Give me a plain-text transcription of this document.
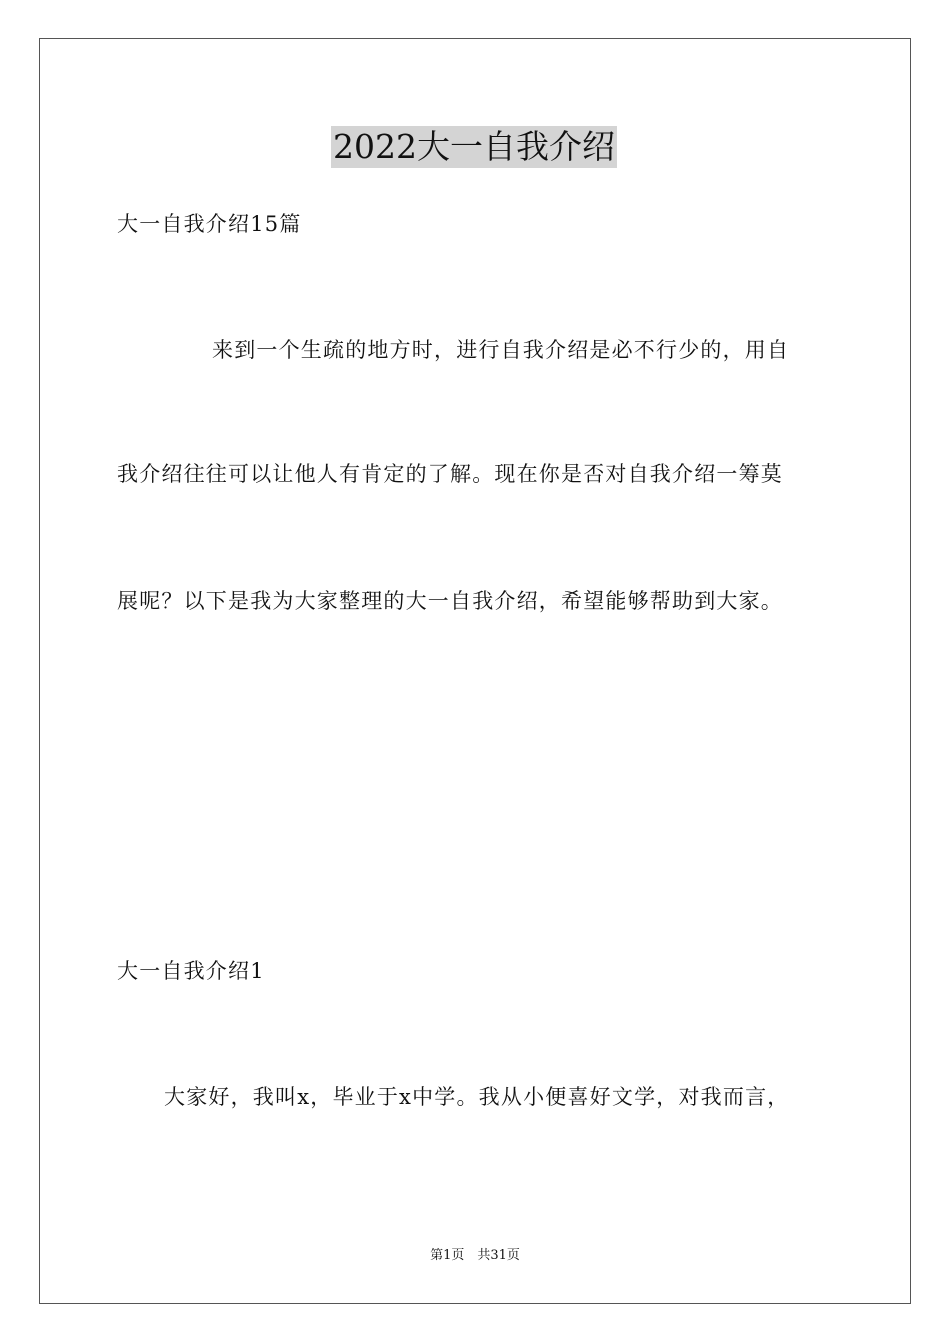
2022大一自我介绍
大一自我介绍15篇
来到一个生疏的地方时，进行自我介绍是必不行少的，用自
我介绍往往可以让他人有肯定的了解。现在你是否对自我介绍一筹莫
展呢？以下是我为大家整理的大一自我介绍，希望能够帮助到大家。
大一自我介绍1
大家好，我叫x，毕业于x中学。我从小便喜好文学，对我而言，
第1页　共31页
